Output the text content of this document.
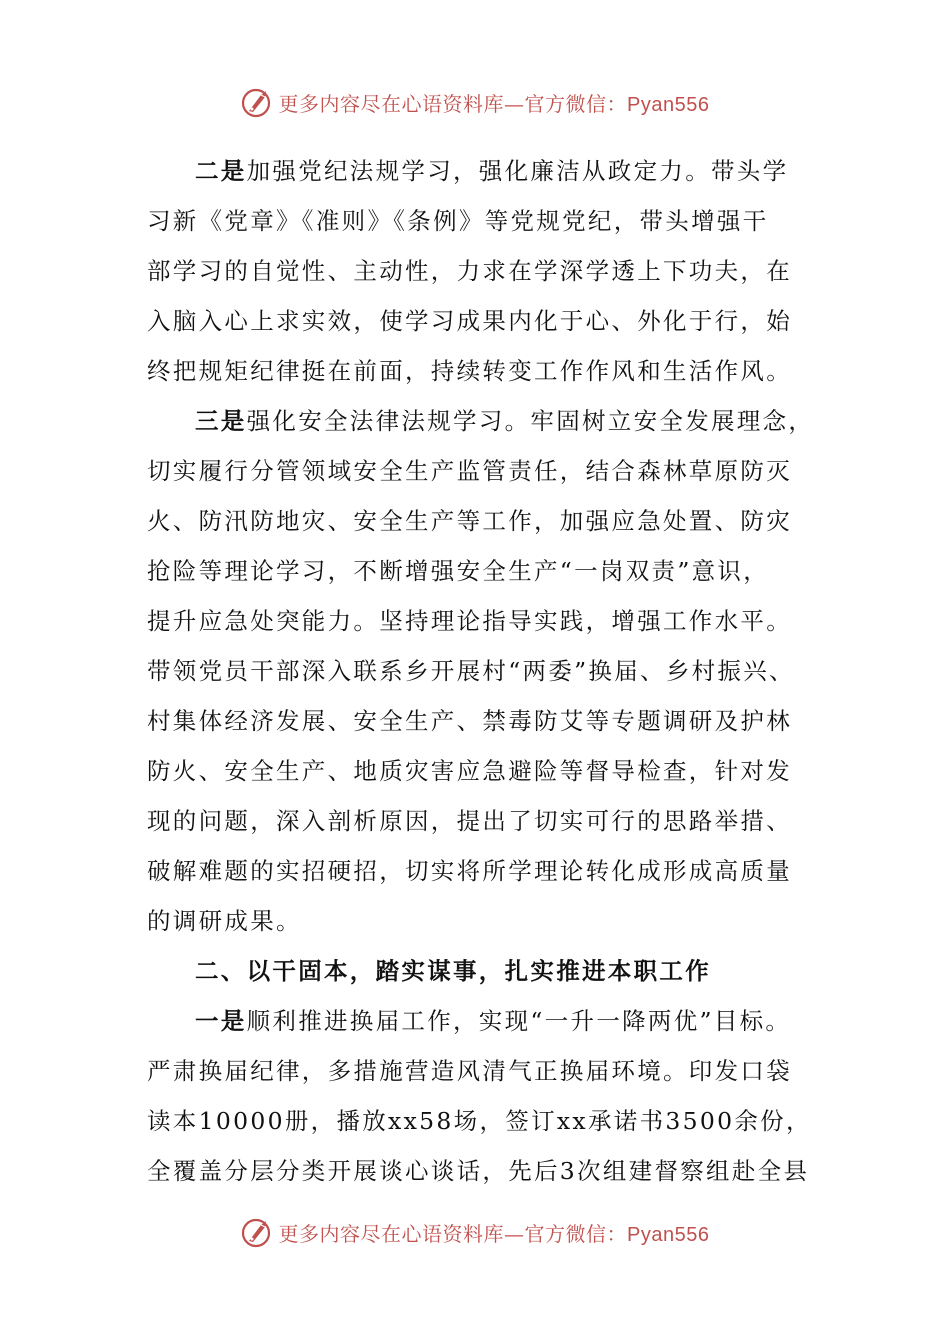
更多内容尽在心语资料库—官方微信：Pyan556
二是加强党纪法规学习，强化廉洁从政定力。带头学
习新《党章》《准则》《条例》等党规党纪，带头增强干
部学习的自觉性、主动性，力求在学深学透上下功夫，在
入脑入心上求实效，使学习成果内化于心、外化于行，始
终把规矩纪律挺在前面，持续转变工作作风和生活作风。
三是强化安全法律法规学习。牢固树立安全发展理念，
切实履行分管领域安全生产监管责任，结合森林草原防灭
火、防汛防地灾、安全生产等工作，加强应急处置、防灾
抢险等理论学习，不断增强安全生产“一岗双责”意识，
提升应急处突能力。坚持理论指导实践，增强工作水平。
带领党员干部深入联系乡开展村“两委”换届、乡村振兴、
村集体经济发展、安全生产、禁毒防艾等专题调研及护林
防火、安全生产、地质灾害应急避险等督导检查，针对发
现的问题，深入剖析原因，提出了切实可行的思路举措、
破解难题的实招硬招，切实将所学理论转化成形成高质量
的调研成果。
二、以干固本，踏实谋事，扎实推进本职工作
一是顺利推进换届工作，实现“一升一降两优”目标。
严肃换届纪律，多措施营造风清气正换届环境。印发口袋
读本10000册，播放xx58场，签订xx承诺书3500余份，
全覆盖分层分类开展谈心谈话，先后3次组建督察组赴全县
更多内容尽在心语资料库—官方微信：Pyan556
